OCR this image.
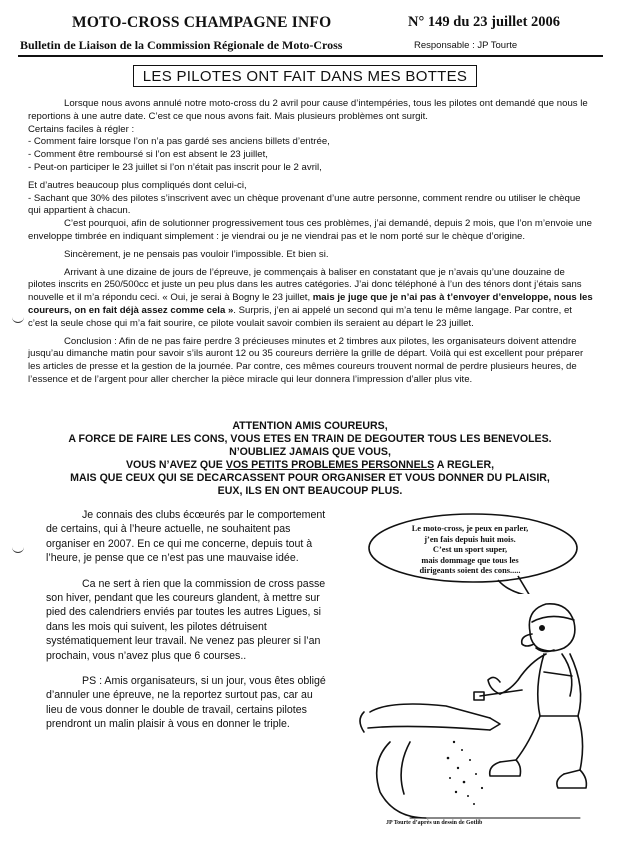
MOTO-CROSS CHAMPAGNE INFO	N° 149 du 23 juillet 2006
Bulletin de Liaison de la Commission Régionale de Moto-Cross	Responsable : JP Tourte
LES PILOTES ONT FAIT DANS MES BOTTES

Lorsque nous avons annulé notre moto-cross du 2 avril pour cause d’intempéries, tous les pilotes ont demandé que nous le reportions à une autre date. C’est ce que nous avons fait. Mais plusieurs problèmes ont surgit.

Certains faciles à régler :

- Comment faire lorsque l’on n’a pas gardé ses anciens billets d’entrée,

- Comment être remboursé si l’on est absent le 23 juillet,

- Peut-on participer le 23 juillet si l’on n’était pas inscrit pour le 2 avril,

Et d’autres beaucoup plus compliqués dont celui-ci,

- Sachant que 30% des pilotes s’inscrivent avec un chèque provenant d’une autre personne, comment rendre ou utiliser le chèque qui appartient à chacun.

C’est pourquoi, afin de solutionner progressivement tous ces problèmes, j’ai demandé, depuis 2 mois, que l’on m’envoie une enveloppe timbrée en indiquant simplement : je viendrai ou je ne viendrai pas et le nom porté sur le chèque d’origine.

Sincèrement, je ne pensais pas vouloir l’impossible. Et bien si.

Arrivant à une dizaine de jours de l’épreuve, je commençais à baliser en constatant que je n’avais qu’une douzaine de pilotes inscrits en 250/500cc et juste un peu plus dans les autres catégories. J’ai donc téléphoné à l’un des ténors dont j’étais sans nouvelle et il m’a répondu ceci. « Oui, je serai à Bogny le 23 juillet, mais je juge que je n’ai pas à t’envoyer d’enveloppe, nous les coureurs, on en fait déjà assez comme cela ». Surpris, j’en ai appelé un second qui m’a tenu le même langage. Par contre, et c’est la seule chose qui m’a fait sourire, ce pilote voulait savoir combien ils seraient au départ le 23 juillet.

Conclusion : Afin de ne pas faire perdre 3 précieuses minutes et 2 timbres aux pilotes, les organisateurs doivent attendre jusqu’au dimanche matin pour savoir s’ils auront 12 ou 35 coureurs derrière la grille de départ. Voilà qui est excellent pour préparer les articles de presse et la gestion de la journée. Par contre, ces mêmes coureurs trouvent normal de perdre plusieurs heures, de l’essence et de l’argent pour aller chercher la pièce miracle qui leur donnera l’impression d’aller plus vite.

ATTENTION AMIS COUREURS,
A FORCE DE FAIRE LES CONS, VOUS ETES EN TRAIN DE DEGOUTER TOUS LES BENEVOLES.
N’OUBLIEZ JAMAIS QUE VOUS,
VOUS N’AVEZ QUE VOS PETITS PROBLEMES PERSONNELS A REGLER,
MAIS QUE CEUX QUI SE DECARCASSENT POUR ORGANISER ET VOUS DONNER DU PLAISIR,
EUX, ILS EN ONT BEAUCOUP PLUS.

Je connais des clubs écœurés par le comportement de certains, qui à l’heure actuelle, ne souhaitent pas organiser en 2007. En ce qui me concerne, depuis tout à l’heure, je pense que ce n’est pas une mauvaise idée.

Ca ne sert à rien que la commission de cross passe son hiver, pendant que les coureurs glandent, à mettre sur pied des calendriers enviés par toutes les autres Ligues, si dans les mois qui suivent, les pilotes détruisent systématiquement leur travail. Ne venez pas pleurer si l’an prochain, vous n’avez plus que 6 courses..

PS : Amis organisateurs, si un jour, vous êtes obligé d’annuler une épreuve, ne la reportez surtout pas, car au lieu de vous donner le double de travail, certains pilotes prendront un malin plaisir à vous en donner le triple.

Le moto-cross, je peux en parler,
j’en fais depuis huit mois.
C’est un sport super,
mais dommage que tous les
dirigeants soient des cons.....
JP Tourte d’après un dessin de Gotlib
